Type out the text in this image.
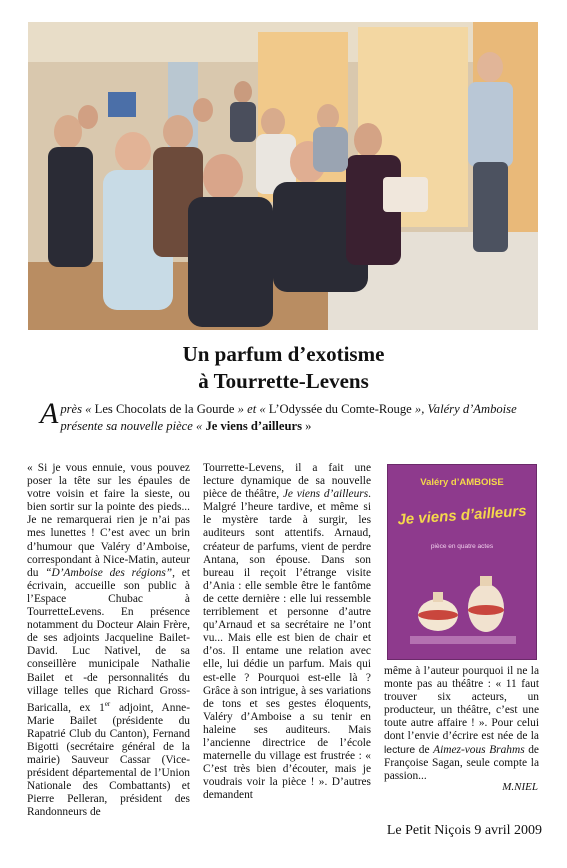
Un parfum d’exotisme
à Tourrette-Levens
Après « Les Chocolats de la Gourde » et « L’Odyssée du Comte-Rouge », Valéry d’Amboise présente sa nouvelle pièce « Je viens d’ailleurs »

« Si je vous ennuie, vous pouvez poser la tête sur les épaules de votre voisin et faire la sieste, ou bien sortir sur la pointe des pieds... Je ne remarquerai rien je n’ai pas mes lunettes ! C’est avec un brin d’humour que Valéry d’Amboise, correspondant à Nice-Matin, auteur du “D’Amboise des régions”, et écrivain, accueille son public à l’Espace Chubac à TourretteLevens. En présence notamment du Docteur Alain Frère, de ses adjoints Jacqueline Bailet-David. Luc Nativel, de sa conseillère municipale Nathalie Bailet et -de personnalités du village telles que Richard Gross-Baricalla, ex 1er adjoint, Anne-Marie Bailet (présidente du Rapatrié Club du Canton), Fernand Bigotti (secrétaire général de la mairie) Sauveur Cassar (Vice-président départemental de l’Union Nationale des Combattants) et Pierre Pelleran, président des Randonneurs de

Tourrette-Levens, il a fait une lecture dynamique de sa nouvelle pièce de théâtre, Je viens d’ailleurs. Malgré l’heure tardive, et même si le mystère tarde à surgir, les auditeurs sont attentifs. Arnaud, créateur de parfums, vient de perdre Antana, son épouse. Dans son bureau il reçoit l’étrange visite d’Ania : elle semble être le fantôme de cette dernière : elle lui ressemble terriblement et personne d’autre qu’Arnaud et sa secrétaire ne l’ont vu... Mais elle est bien de chair et d’os. Il entame une relation avec elle, lui dédie un parfum. Mais qui est-elle ? Pourquoi est-elle là ? Grâce à son intrigue, à ses variations de tons et ses gestes éloquents, Valéry d’Amboise a su tenir en haleine ses auditeurs. Mais l’ancienne directrice de l’école maternelle du village est frustrée : « C’est très bien d’écouter, mais je voudrais voir la pièce ! ». D’autres demandent

Valéry d’AMBOISE
Je viens d’ailleurs
pièce en quatre actes

même à l’auteur pourquoi il ne la monte pas au théâtre : « 11 faut trouver six acteurs, un producteur, un théâtre, c’est une toute autre affaire ! ». Pour celui dont l’envie d’écrire est née de la lecture de Aimez-vous Brahms de Françoise Sagan, seule compte la passion...

M.NIEL
Le Petit Niçois 9 avril 2009
